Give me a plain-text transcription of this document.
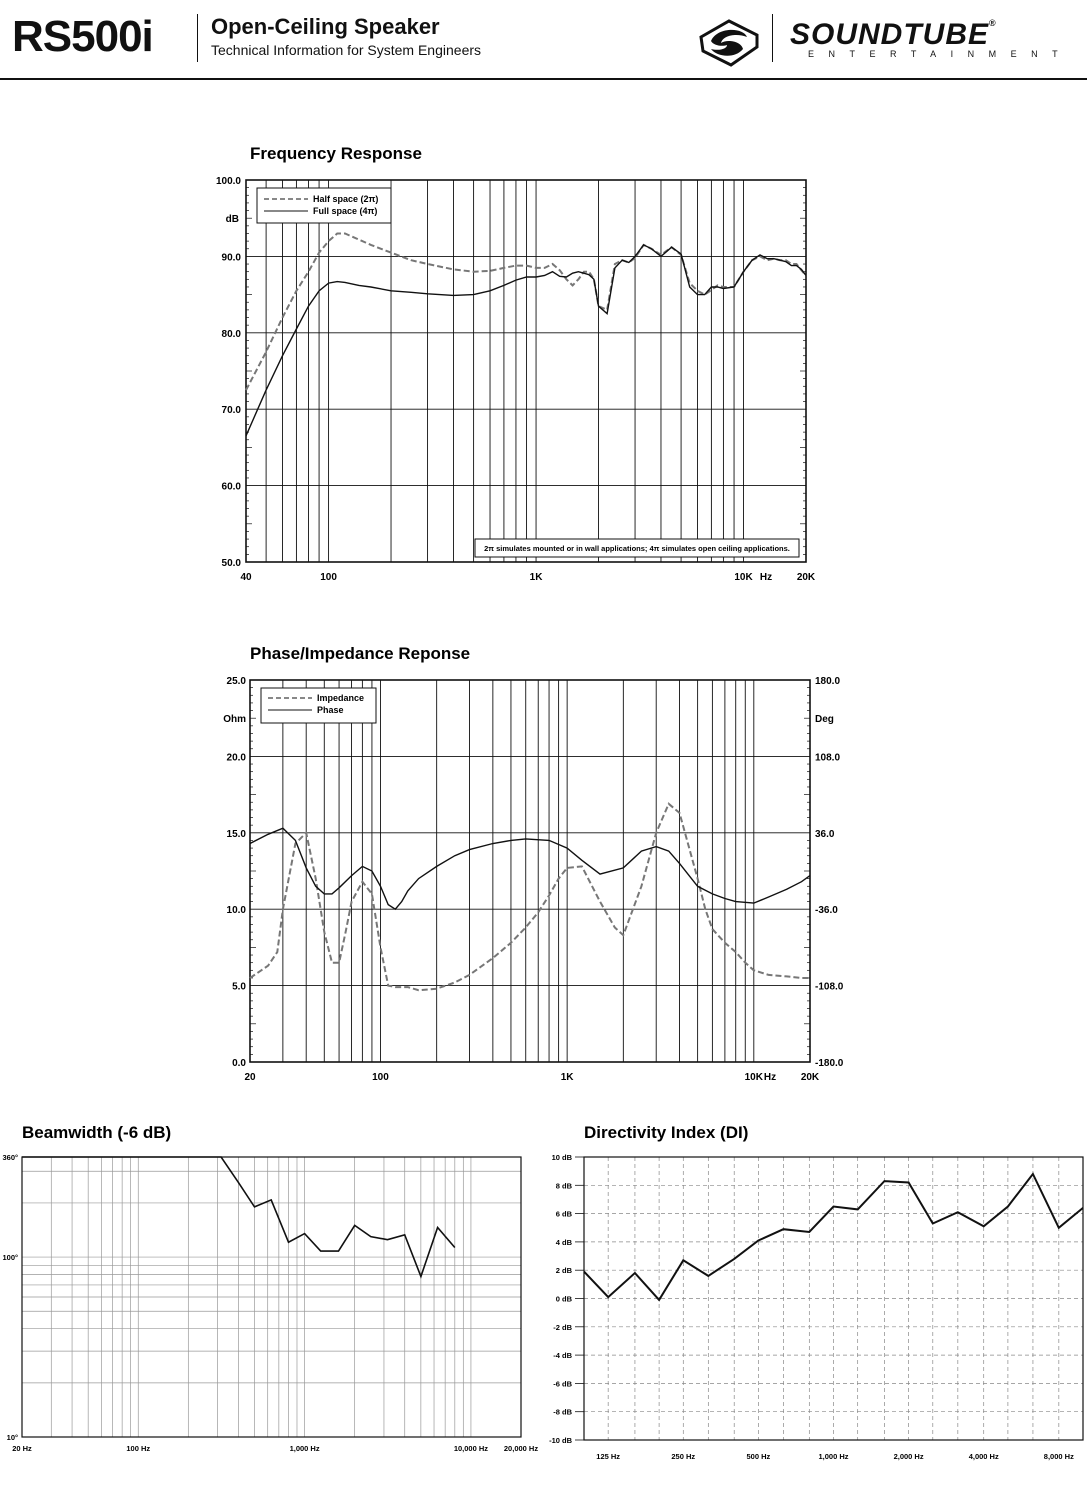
RS500i	Open-Ceiling Speaker
Technical Information for System Engineers	SOUNDTUBE®
ENTERTAINMENT
Frequency Response
100.0
90.0
80.0
70.0
60.0
50.0
dB
40	100	1K	10K	20K
Hz
Half space (2π)
Full space (4π)
2π simulates mounted or in wall applications; 4π simulates open ceiling applications.
Phase/Impedance Reponse
25.0
20.0
15.0
10.0
5.0
0.0
180.0
108.0
36.0
-36.0
-108.0
-180.0
Ohm	Deg
20	100	1K	10K	20K
Hz
Impedance
Phase
Beamwidth (-6 dB)
360°
100°
10°
20 Hz	100 Hz	1,000 Hz	10,000 Hz 20,000 Hz
Directivity Index (DI)
10 dB
8 dB
6 dB
4 dB
2 dB
0 dB
-2 dB
-4 dB
-6 dB
-8 dB
-10 dB
125 Hz	250 Hz	500 Hz	1,000 Hz	2,000 Hz	4,000 Hz	8,000 Hz
